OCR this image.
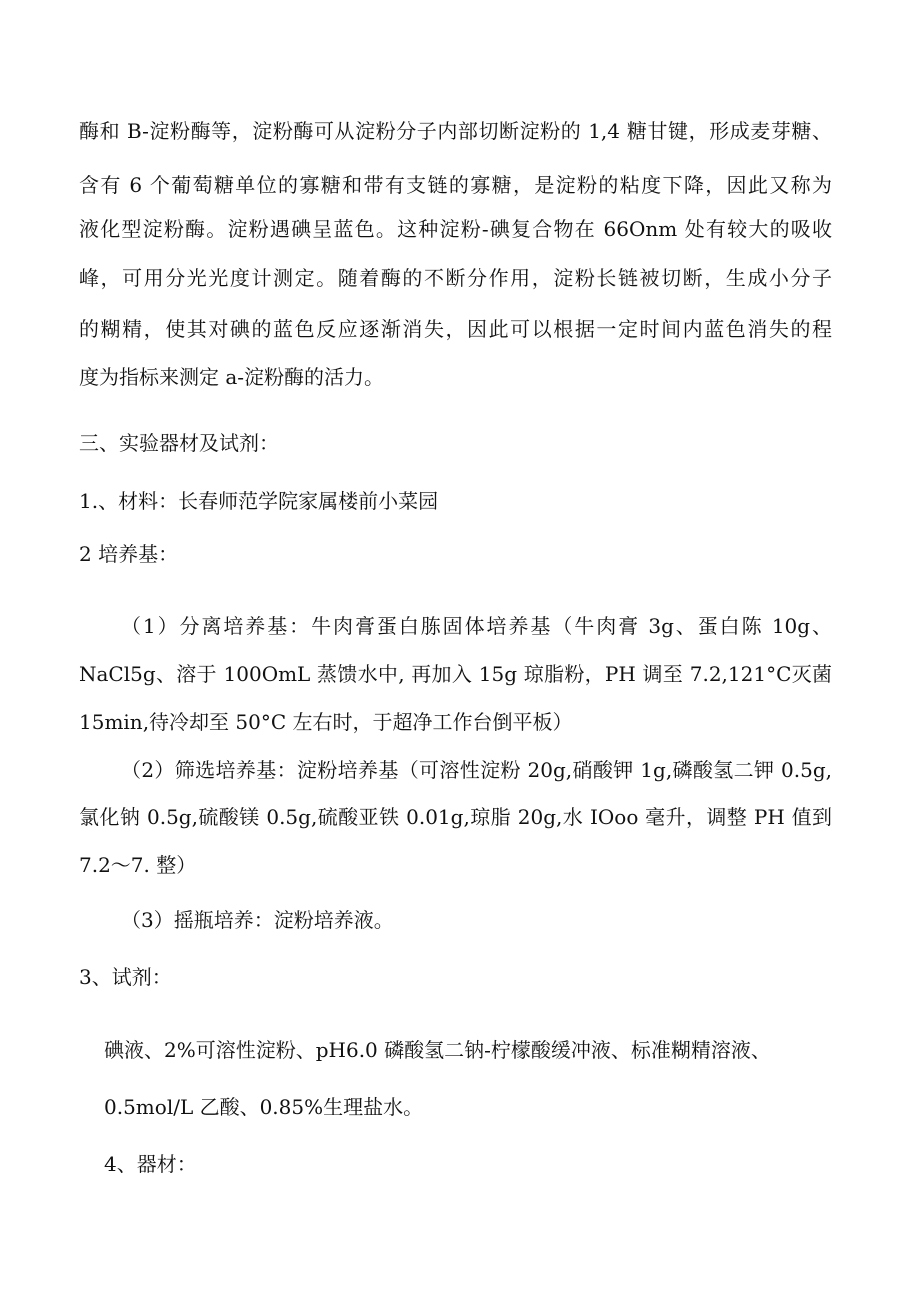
酶和 B-淀粉酶等，淀粉酶可从淀粉分子内部切断淀粉的 1,4 糖甘键，形成麦芽糖、
含有 6 个葡萄糖单位的寡糖和带有支链的寡糖，是淀粉的粘度下降，因此又称为
液化型淀粉酶。淀粉遇碘呈蓝色。这种淀粉-碘复合物在 66Onm 处有较大的吸收
峰，可用分光光度计测定。随着酶的不断分作用，淀粉长链被切断，生成小分子
的糊精，使其对碘的蓝色反应逐渐消失，因此可以根据一定时间内蓝色消失的程
度为指标来测定 a-淀粉酶的活力。
三、实验器材及试剂：
1.、材料：长春师范学院家属楼前小菜园
2 培养基：
（1）分离培养基：牛肉膏蛋白胨固体培养基（牛肉膏 3g、蛋白陈 10g、
NaCl5g、溶于 100OmL 蒸馈水中, 再加入 15g 琼脂粉，PH 调至 7.2,121°C灭菌
15min,待冷却至 50°C 左右时，于超净工作台倒平板）
（2）筛选培养基：淀粉培养基（可溶性淀粉 20g,硝酸钾 1g,磷酸氢二钾 0.5g,
氯化钠 0.5g,硫酸镁 0.5g,硫酸亚铁 0.01g,琼脂 20g,水 IOoo 毫升，调整 PH 值到
7.2～7. 整）
（3）摇瓶培养：淀粉培养液。
3、试剂：
碘液、2%可溶性淀粉、pH6.0 磷酸氢二钠-柠檬酸缓冲液、标准糊精溶液、
0.5mol/L 乙酸、0.85%生理盐水。
4、器材：
